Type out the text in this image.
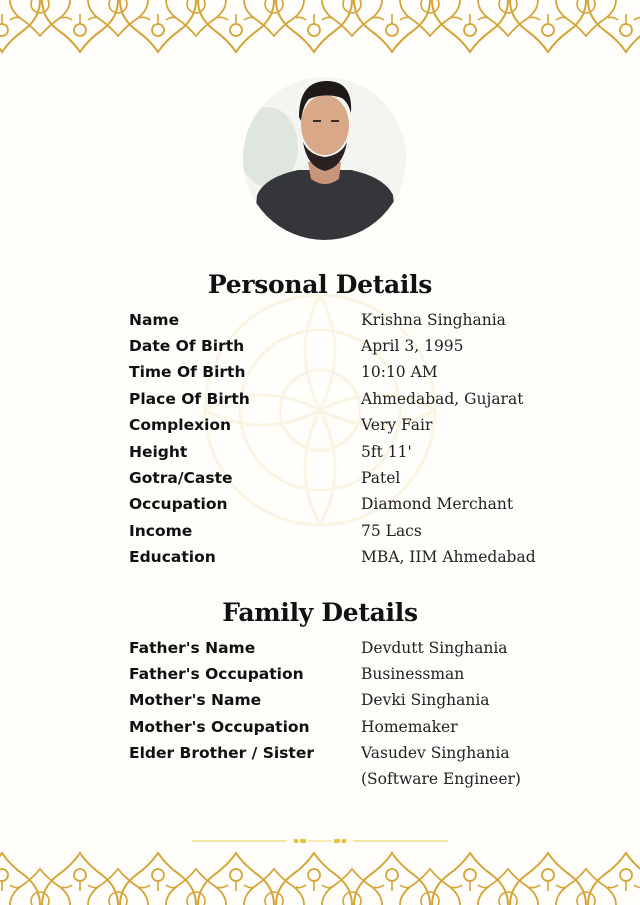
Personal Details
Name	Krishna Singhania
Date Of Birth	April 3, 1995
Time Of Birth	10:10 AM
Place Of Birth	Ahmedabad, Gujarat
Complexion	Very Fair
Height	5ft 11'
Gotra/Caste	Patel
Occupation	Diamond Merchant
Income	75 Lacs
Education	MBA, IIM Ahmedabad
Family Details
Father's Name	Devdutt Singhania
Father's Occupation	Businessman
Mother's Name	Devki Singhania
Mother's Occupation	Homemaker
Elder Brother / Sister	Vasudev Singhania (Software Engineer)
